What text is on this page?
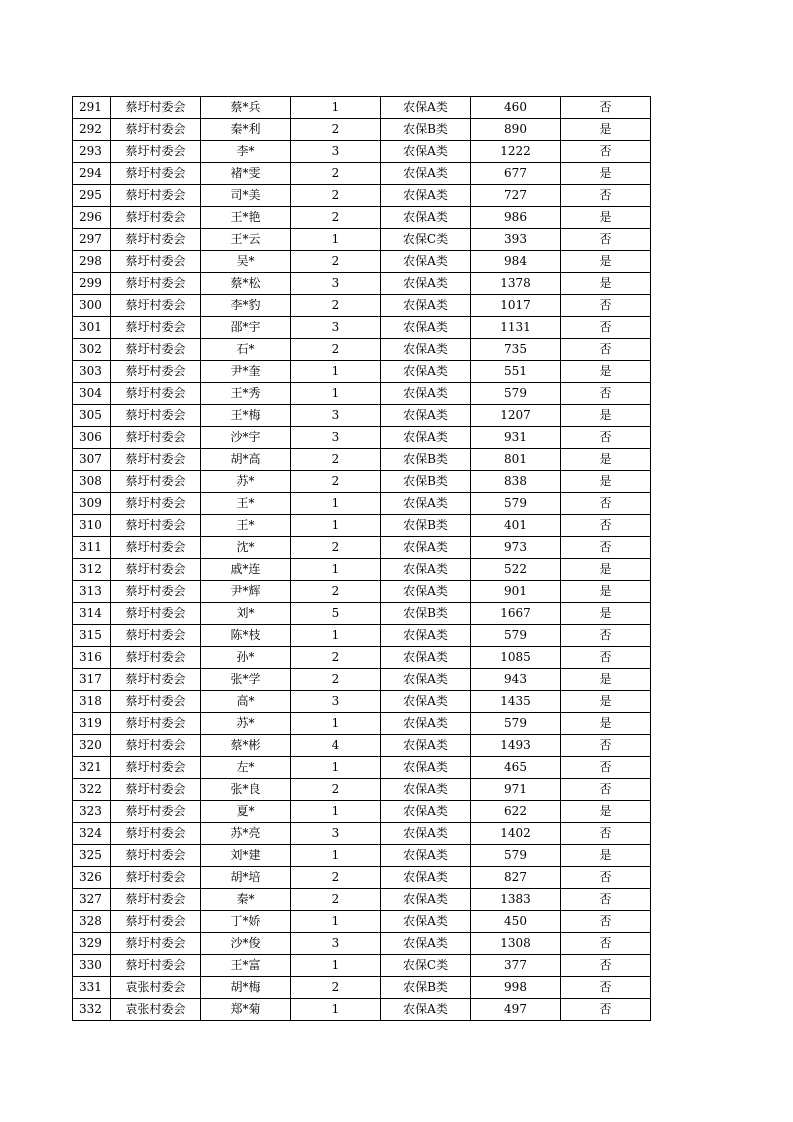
291	蔡圩村委会	蔡*兵	1	农保A类	460	否
292	蔡圩村委会	秦*利	2	农保B类	890	是
293	蔡圩村委会	李*	3	农保A类	1222	否
294	蔡圩村委会	褚*雯	2	农保A类	677	是
295	蔡圩村委会	司*美	2	农保A类	727	否
296	蔡圩村委会	王*艳	2	农保A类	986	是
297	蔡圩村委会	王*云	1	农保C类	393	否
298	蔡圩村委会	吴*	2	农保A类	984	是
299	蔡圩村委会	蔡*松	3	农保A类	1378	是
300	蔡圩村委会	李*豹	2	农保A类	1017	否
301	蔡圩村委会	邵*宇	3	农保A类	1131	否
302	蔡圩村委会	石*	2	农保A类	735	否
303	蔡圩村委会	尹*奎	1	农保A类	551	是
304	蔡圩村委会	王*秀	1	农保A类	579	否
305	蔡圩村委会	王*梅	3	农保A类	1207	是
306	蔡圩村委会	沙*宇	3	农保A类	931	否
307	蔡圩村委会	胡*高	2	农保B类	801	是
308	蔡圩村委会	苏*	2	农保B类	838	是
309	蔡圩村委会	王*	1	农保A类	579	否
310	蔡圩村委会	王*	1	农保B类	401	否
311	蔡圩村委会	沈*	2	农保A类	973	否
312	蔡圩村委会	戚*连	1	农保A类	522	是
313	蔡圩村委会	尹*辉	2	农保A类	901	是
314	蔡圩村委会	刘*	5	农保B类	1667	是
315	蔡圩村委会	陈*枝	1	农保A类	579	否
316	蔡圩村委会	孙*	2	农保A类	1085	否
317	蔡圩村委会	张*学	2	农保A类	943	是
318	蔡圩村委会	高*	3	农保A类	1435	是
319	蔡圩村委会	苏*	1	农保A类	579	是
320	蔡圩村委会	蔡*彬	4	农保A类	1493	否
321	蔡圩村委会	左*	1	农保A类	465	否
322	蔡圩村委会	张*良	2	农保A类	971	否
323	蔡圩村委会	夏*	1	农保A类	622	是
324	蔡圩村委会	苏*亮	3	农保A类	1402	否
325	蔡圩村委会	刘*建	1	农保A类	579	是
326	蔡圩村委会	胡*培	2	农保A类	827	否
327	蔡圩村委会	秦*	2	农保A类	1383	否
328	蔡圩村委会	丁*娇	1	农保A类	450	否
329	蔡圩村委会	沙*俊	3	农保A类	1308	否
330	蔡圩村委会	王*富	1	农保C类	377	否
331	袁张村委会	胡*梅	2	农保B类	998	否
332	袁张村委会	郑*菊	1	农保A类	497	否
